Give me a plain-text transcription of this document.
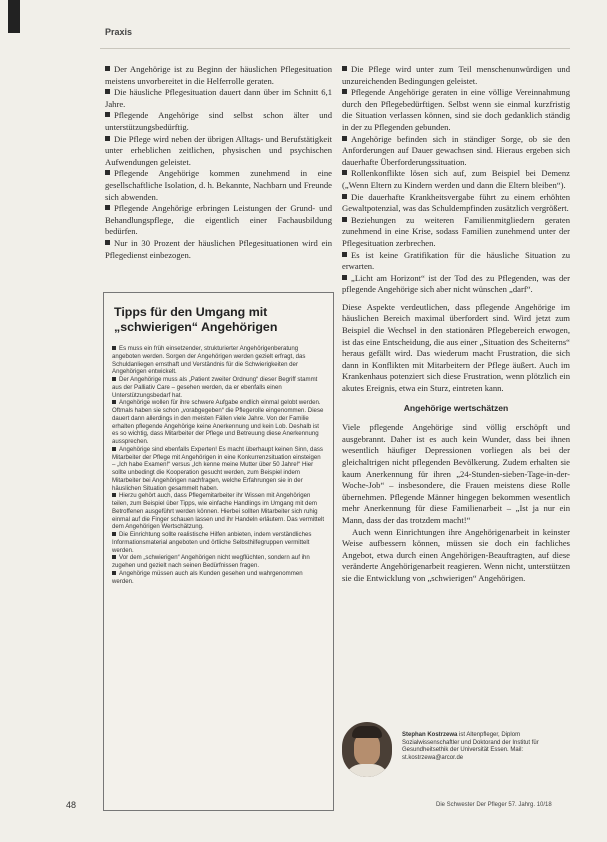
Praxis

Der Angehörige ist zu Beginn der häuslichen Pflegesituation meistens unvorbereitet in die Helferrolle geraten.

Die häusliche Pflegesituation dauert dann über im Schnitt 6,1 Jahre.

Pflegende Angehörige sind selbst schon älter und unterstützungsbedürftig.

Die Pflege wird neben der übrigen Alltags- und Berufstätigkeit unter erheblichen zeitlichen, physischen und psychischen Aufwendungen geleistet.

Pflegende Angehörige kommen zunehmend in eine gesellschaftliche Isolation, d. h. Bekannte, Nachbarn und Freunde sich abwenden.

Pflegende Angehörige erbringen Leistungen der Grund- und Behandlungspflege, die eigentlich einer Fachausbildung bedürfen.

Nur in 30 Prozent der häuslichen Pflegesituationen wird ein Pflegedienst einbezogen.

Tipps für den Umgang mit „schwierigen“ Angehörigen

Es muss ein früh einsetzender, strukturierter Angehörigenberatung angeboten werden. Sorgen der Angehörigen werden gezielt erfragt, das Schuldanliegen ernsthaft und Verständnis für die Schwierigkeiten der Angehörigen entwickelt.

Der Angehörige muss als „Patient zweiter Ordnung“ dieser Begriff stammt aus der Palliativ Care – gesehen werden, da er ebenfalls einen Unterstützungsbedarf hat.

Angehörige wollen für ihre schwere Aufgabe endlich einmal gelobt werden. Oftmals haben sie schon „vorabgegeben“ die Pflegerolle eingenommen. Diese dauert dann allerdings in den meisten Fällen viele Jahre. Von der Familie erhalten pflegende Angehörige keine Anerkennung und kein Lob. Deshalb ist es so wichtig, dass Mitarbeiter der Pflege und Betreuung diese Anerkennung aussprechen.

Angehörige sind ebenfalls Experten! Es macht überhaupt keinen Sinn, dass Mitarbeiter der Pflege mit Angehörigen in eine Konkurrenzsituation einsteigen – „Ich habe Examen!“ versus „Ich kenne meine Mutter über 50 Jahre!“ Hier sollte unbedingt die Kooperation gesucht werden, zum Beispiel indem Mitarbeiter bei Angehörigen nachfragen, welche Erfahrungen sie in der häuslichen Situation gesammelt haben.

Hierzu gehört auch, dass Pflegemitarbeiter ihr Wissen mit Angehörigen teilen, zum Beispiel über Tipps, wie einfache Handlings im Umgang mit dem Betroffenen ausgeführt werden können. Hierbei sollten Mitarbeiter sich ruhig einmal auf die Finger schauen lassen und ihr Handeln erläutern. Das vermittelt dem Angehörigen Wertschätzung.

Die Einrichtung sollte realistische Hilfen anbieten, indem verständliches Informationsmaterial angeboten und örtliche Selbsthilfegruppen vermittelt werden.

Vor dem „schwierigen“ Angehörigen nicht wegflüchten, sondern auf ihn zugehen und gezielt nach seinen Bedürfnissen fragen.

Angehörige müssen auch als Kunden gesehen und wahrgenommen werden.

Die Pflege wird unter zum Teil menschenunwürdigen und unzureichenden Bedingungen geleistet.

Pflegende Angehörige geraten in eine völlige Vereinnahmung durch den Pflegebedürftigen. Selbst wenn sie einmal kurzfristig die Situation verlassen können, sind sie doch gedanklich ständig in der zu Pflegenden gebunden.

Angehörige befinden sich in ständiger Sorge, ob sie den Anforderungen auf Dauer gewachsen sind. Hieraus ergeben sich dauerhafte Überforderungssituation.

Rollenkonflikte lösen sich auf, zum Beispiel bei Demenz („Wenn Eltern zu Kindern werden und dann die Eltern bleiben“).

Die dauerhafte Krankheitsvergabe führt zu einem erhöhten Gewaltpotenzial, was das Schuldempfinden zusätzlich vergrößert.

Beziehungen zu weiteren Familienmitgliedern geraten zunehmend in eine Krise, sodass Familien zunehmend unter der Pflegesituation zerbrechen.

Es ist keine Gratifikation für die häusliche Situation zu erwarten.

„Licht am Horizont“ ist der Tod des zu Pflegenden, was der pflegende Angehörige sich aber nicht wünschen „darf“.

Diese Aspekte verdeutlichen, dass pflegende Angehörige im häuslichen Bereich maximal überfordert sind. Wird jetzt zum Beispiel die Wechsel in den stationären Pflegebereich erwogen, ist das eine Entscheidung, die aus einer „Situation des Scheiterns“ heraus gefällt wird. Das wiederum macht Frustration, die sich dann in Konflikten mit Mitarbeitern der Pflege äußert. Auch im Krankenhaus potenziert sich diese Frustration, wenn plötzlich ein akutes Ereignis, etwa ein Sturz, eintreten kann.

Angehörige wertschätzen

Viele pflegende Angehörige sind völlig erschöpft und ausgebrannt. Daher ist es auch kein Wunder, dass bei ihnen wesentlich häufiger Depressionen vorliegen als bei der gleichaltrigen nicht pflegenden Bevölkerung. Zudem erhalten sie kaum Anerkennung für ihren „24-Stunden-sieben-Tage-in-der-Woche-Job“ – insbesondere, die Frauen meistens diese Rolle übernehmen. Pflegende Männer hingegen bekommen wesentlich mehr Anerkennung für diese Familienarbeit – „Ist ja nur ein Mann, dass der das trotzdem macht!“

Auch wenn Einrichtungen ihre Angehörigenarbeit in keinster Weise aufbessern können, müssen sie doch ein fachliches Angebot, etwa durch einen Angehörigen-Beauftragten, auf diese veränderte Angehörigenarbeit reagieren. Wenn nicht, unterstützen sie die Entwicklung von „schwierigen“ Angehörigen.

Stephan Kostrzewa ist Altenpfleger, Diplom Sozialwissenschaftler und Doktorand der Institut für Gesundheitsethik der Universität Essen. Mail: st.kostrzewa@arcor.de
48	Die Schwester Der Pfleger 57. Jahrg. 10/18
